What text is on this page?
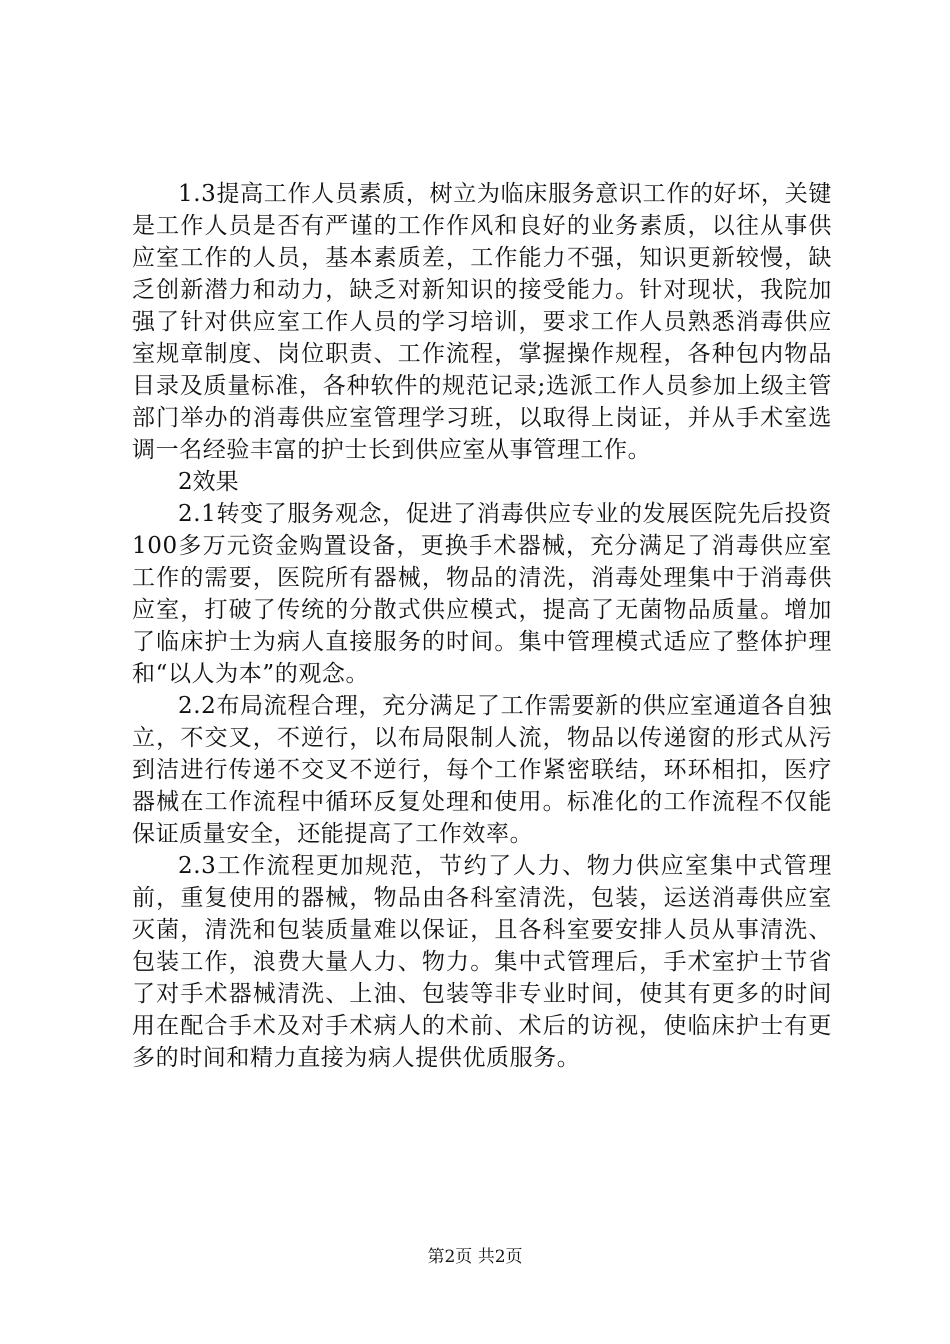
1.3提高工作人员素质，树立为临床服务意识工作的好坏，关键是工作人员是否有严谨的工作作风和良好的业务素质，以往从事供应室工作的人员，基本素质差，工作能力不强，知识更新较慢，缺乏创新潜力和动力，缺乏对新知识的接受能力。针对现状，我院加强了针对供应室工作人员的学习培训，要求工作人员熟悉消毒供应室规章制度、岗位职责、工作流程，掌握操作规程，各种包内物品目录及质量标准，各种软件的规范记录;选派工作人员参加上级主管部门举办的消毒供应室管理学习班，以取得上岗证，并从手术室选调一名经验丰富的护士长到供应室从事管理工作。

2效果

2.1转变了服务观念，促进了消毒供应专业的发展医院先后投资100多万元资金购置设备，更换手术器械，充分满足了消毒供应室工作的需要，医院所有器械，物品的清洗，消毒处理集中于消毒供应室，打破了传统的分散式供应模式，提高了无菌物品质量。增加了临床护士为病人直接服务的时间。集中管理模式适应了整体护理和“以人为本”的观念。

2.2布局流程合理，充分满足了工作需要新的供应室通道各自独立，不交叉，不逆行，以布局限制人流，物品以传递窗的形式从污到洁进行传递不交叉不逆行，每个工作紧密联结，环环相扣，医疗器械在工作流程中循环反复处理和使用。标准化的工作流程不仅能保证质量安全，还能提高了工作效率。

2.3工作流程更加规范，节约了人力、物力供应室集中式管理前，重复使用的器械，物品由各科室清洗，包装，运送消毒供应室灭菌，清洗和包装质量难以保证，且各科室要安排人员从事清洗、包装工作，浪费大量人力、物力。集中式管理后，手术室护士节省了对手术器械清洗、上油、包装等非专业时间，使其有更多的时间用在配合手术及对手术病人的术前、术后的访视，使临床护士有更多的时间和精力直接为病人提供优质服务。

第2页 共2页
